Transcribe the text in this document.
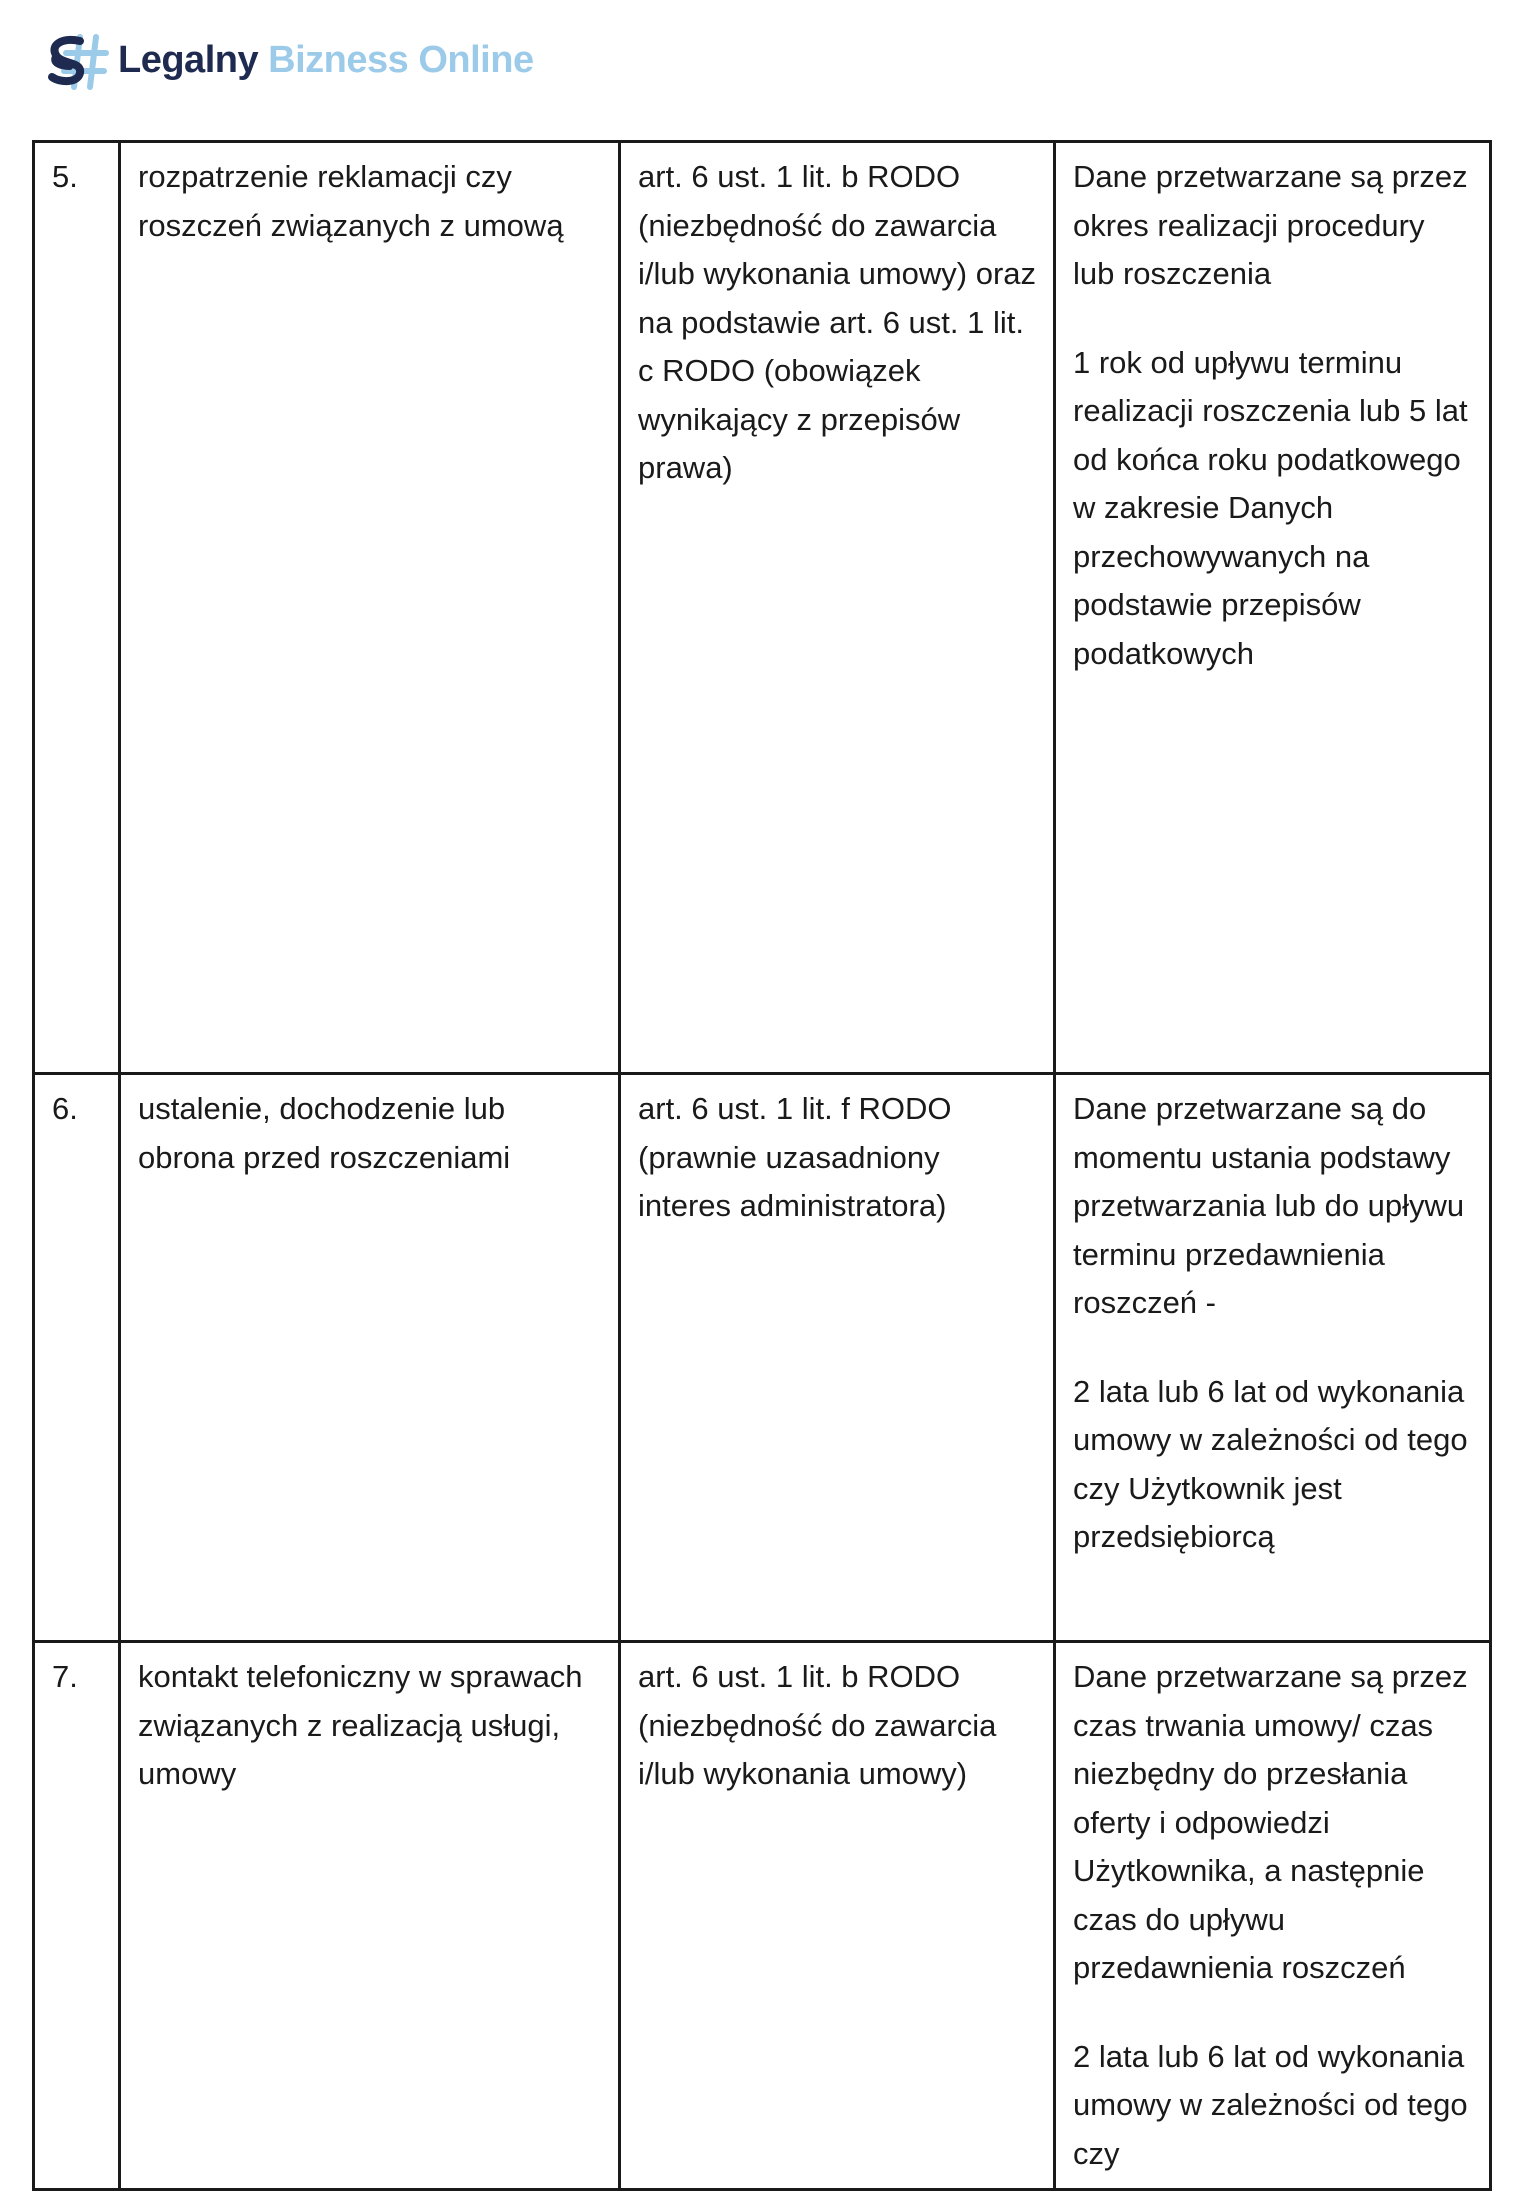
Legalny Bizness Online
5.	rozpatrzenie reklamacji czy roszczeń związanych z umową	art. 6 ust. 1 lit. b RODO (niezbędność do zawarcia i/lub wykonania umowy) oraz na podstawie art. 6 ust. 1 lit. c RODO (obowiązek wynikający z przepisów prawa)	Dane przetwarzane są przez okres realizacji procedury lub roszczenia
1 rok od upływu terminu realizacji roszczenia lub 5 lat od końca roku podatkowego w zakresie Danych przechowywanych na podstawie przepisów podatkowych

6.	ustalenie, dochodzenie lub obrona przed roszczeniami	art. 6 ust. 1 lit. f RODO (prawnie uzasadniony interes administratora)	Dane przetwarzane są do momentu ustania podstawy przetwarzania lub do upływu terminu przedawnienia roszczeń -
2 lata lub 6 lat od wykonania umowy w zależności od tego czy Użytkownik jest przedsiębiorcą

7.	kontakt telefoniczny w sprawach związanych z realizacją usługi, umowy	art. 6 ust. 1 lit. b RODO (niezbędność do zawarcia i/lub wykonania umowy)	Dane przetwarzane są przez czas trwania umowy/ czas niezbędny do przesłania oferty i odpowiedzi Użytkownika, a następnie czas do upływu przedawnienia roszczeń
2 lata lub 6 lat od wykonania umowy w zależności od tego czy
